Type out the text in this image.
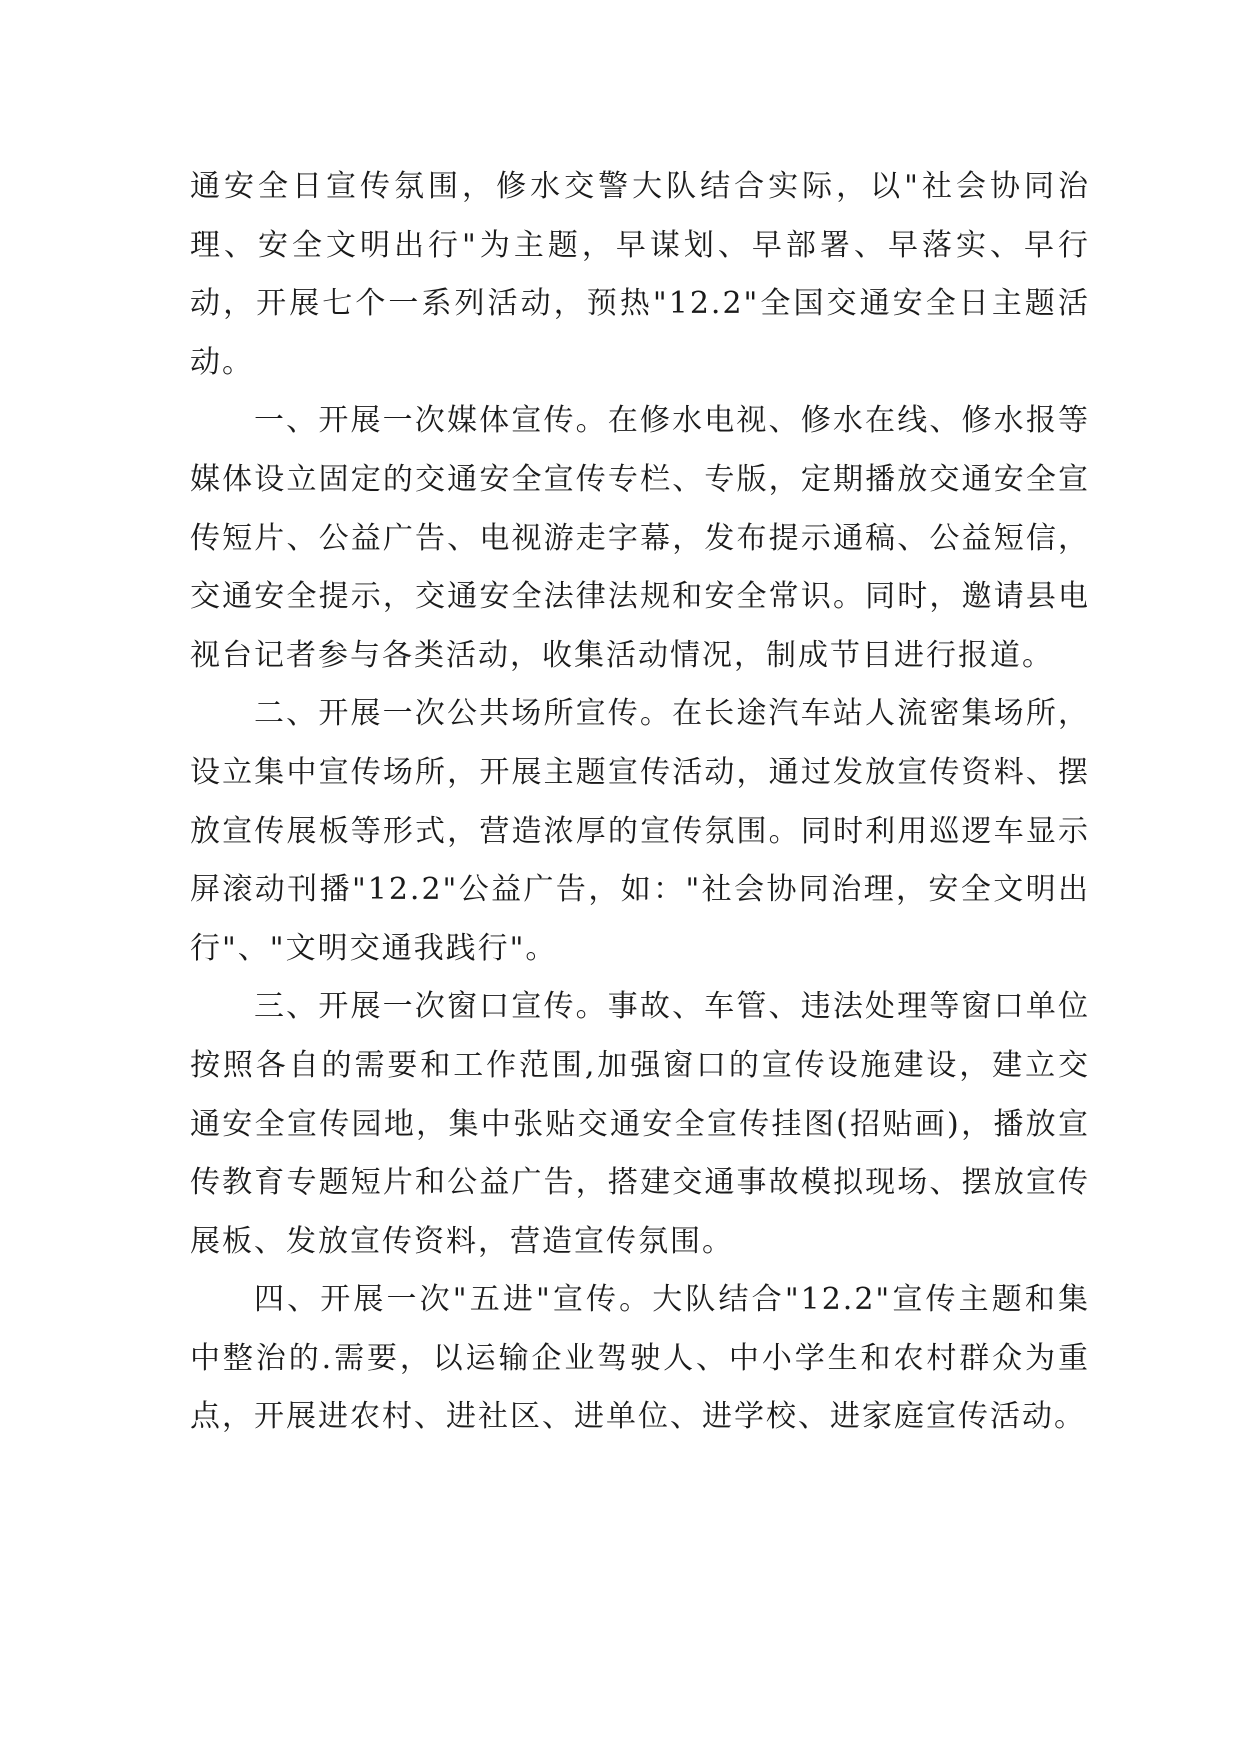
通安全日宣传氛围，修水交警大队结合实际，以"社会协同治理、安全文明出行"为主题，早谋划、早部署、早落实、早行动，开展七个一系列活动，预热"12.2"全国交通安全日主题活动。

一、开展一次媒体宣传。在修水电视、修水在线、修水报等媒体设立固定的交通安全宣传专栏、专版，定期播放交通安全宣传短片、公益广告、电视游走字幕，发布提示通稿、公益短信，交通安全提示，交通安全法律法规和安全常识。同时，邀请县电视台记者参与各类活动，收集活动情况，制成节目进行报道。

二、开展一次公共场所宣传。在长途汽车站人流密集场所，设立集中宣传场所，开展主题宣传活动，通过发放宣传资料、摆放宣传展板等形式，营造浓厚的宣传氛围。同时利用巡逻车显示屏滚动刊播"12.2"公益广告，如："社会协同治理，安全文明出行"、"文明交通我践行"。

三、开展一次窗口宣传。事故、车管、违法处理等窗口单位按照各自的需要和工作范围,加强窗口的宣传设施建设，建立交通安全宣传园地，集中张贴交通安全宣传挂图(招贴画)，播放宣传教育专题短片和公益广告，搭建交通事故模拟现场、摆放宣传展板、发放宣传资料，营造宣传氛围。

四、开展一次"五进"宣传。大队结合"12.2"宣传主题和集中整治的.需要，以运输企业驾驶人、中小学生和农村群众为重点，开展进农村、进社区、进单位、进学校、进家庭宣传活动。
